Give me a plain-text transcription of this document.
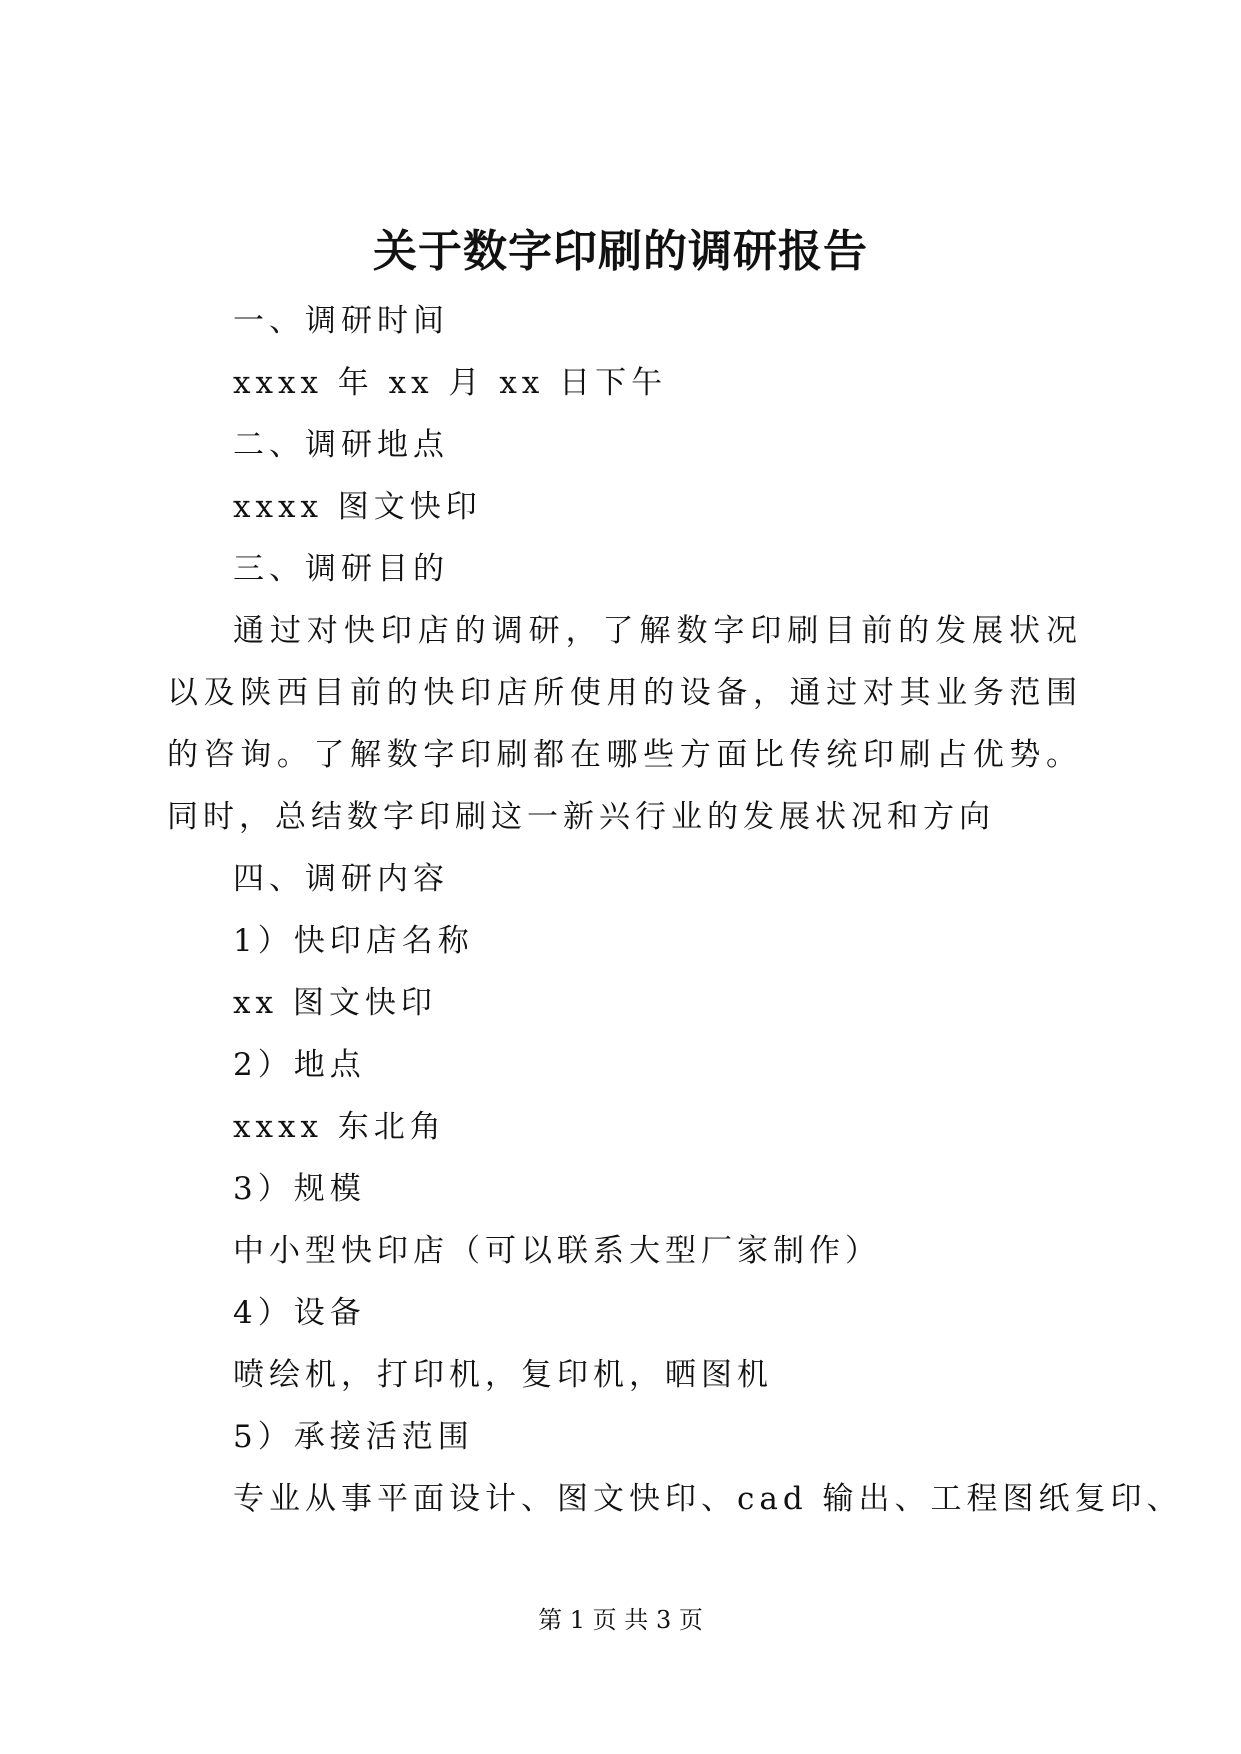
关于数字印刷的调研报告

一、调研时间

xxxx 年 xx 月 xx 日下午

二、调研地点

xxxx 图文快印

三、调研目的

通过对快印店的调研，了解数字印刷目前的发展状况以及陕西目前的快印店所使用的设备，通过对其业务范围的咨询。了解数字印刷都在哪些方面比传统印刷占优势。同时，总结数字印刷这一新兴行业的发展状况和方向

四、调研内容

1）快印店名称

xx 图文快印

2）地点

xxxx 东北角

3）规模

中小型快印店（可以联系大型厂家制作）

4）设备

喷绘机，打印机，复印机，晒图机

5）承接活范围

专业从事平面设计、图文快印、cad 输出、工程图纸复印、

第 1 页 共 3 页
